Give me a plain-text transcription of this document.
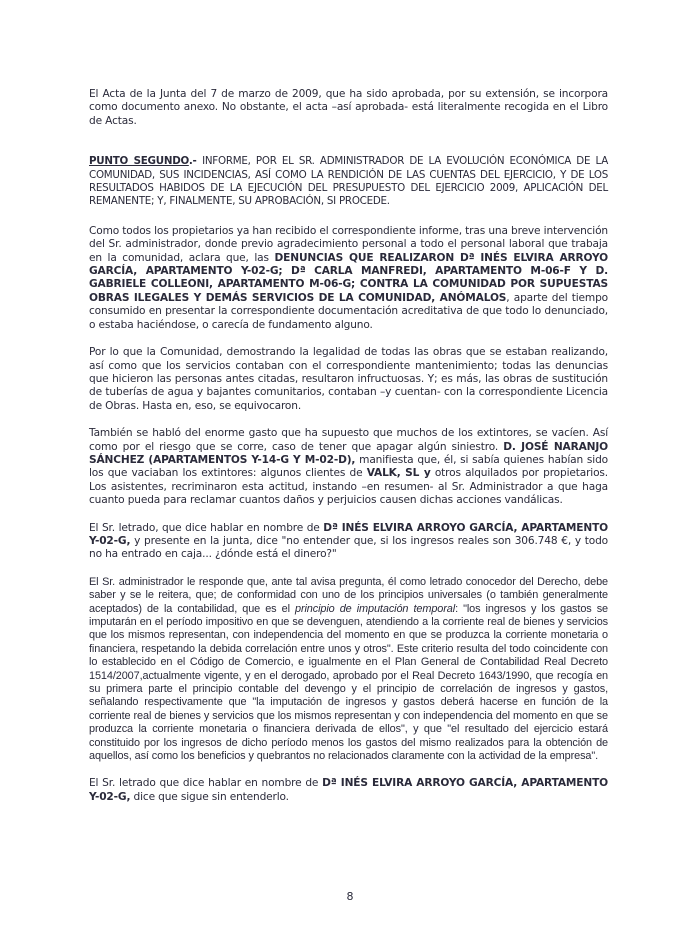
El Acta de la Junta del 7 de marzo de 2009, que ha sido aprobada, por su extensión, se incorpora como documento anexo. No obstante, el acta –así aprobada- está literalmente recogida en el Libro de Actas.

PUNTO SEGUNDO.- INFORME, POR EL SR. ADMINISTRADOR DE LA EVOLUCIÓN ECONÓMICA DE LA COMUNIDAD, SUS INCIDENCIAS, ASÍ COMO LA RENDICIÓN DE LAS CUENTAS DEL EJERCICIO, Y DE LOS RESULTADOS HABIDOS DE LA EJECUCIÓN DEL PRESUPUESTO DEL EJERCICIO 2009, APLICACIÓN DEL REMANENTE; Y, FINALMENTE, SU APROBACIÓN, SI PROCEDE.

Como todos los propietarios ya han recibido el correspondiente informe, tras una breve intervención del Sr. administrador, donde previo agradecimiento personal a todo el personal laboral que trabaja en la comunidad, aclara que, las DENUNCIAS QUE REALIZARON Dª INÉS ELVIRA ARROYO GARCÍA, APARTAMENTO Y-02-G; Dª CARLA MANFREDI, APARTAMENTO M-06-F Y D. GABRIELE COLLEONI, APARTAMENTO M-06-G; CONTRA LA COMUNIDAD POR SUPUESTAS OBRAS ILEGALES Y DEMÁS SERVICIOS DE LA COMUNIDAD, ANÓMALOS, aparte del tiempo consumido en presentar la correspondiente documentación acreditativa de que todo lo denunciado, o estaba haciéndose, o carecía de fundamento alguno.

Por lo que la Comunidad, demostrando la legalidad de todas las obras que se estaban realizando, así como que los servicios contaban con el correspondiente mantenimiento; todas las denuncias que hicieron las personas antes citadas, resultaron infructuosas. Y; es más, las obras de sustitución de tuberías de agua y bajantes comunitarios, contaban –y cuentan- con la correspondiente Licencia de Obras. Hasta en, eso, se equivocaron.

También se habló del enorme gasto que ha supuesto que muchos de los extintores, se vacíen. Así como por el riesgo que se corre, caso de tener que apagar algún siniestro. D. JOSÉ NARANJO SÁNCHEZ (APARTAMENTOS Y-14-G Y M-02-D), manifiesta que, él, si sabía quienes habían sido los que vaciaban los extintores: algunos clientes de VALK, SL y otros alquilados por propietarios. Los asistentes, recriminaron esta actitud, instando –en resumen- al Sr. Administrador a que haga cuanto pueda para reclamar cuantos daños y perjuicios causen dichas acciones vandálicas.

El Sr. letrado, que dice hablar en nombre de Dª INÉS ELVIRA ARROYO GARCÍA, APARTAMENTO Y-02-G, y presente en la junta, dice "no entender que, si los ingresos reales son 306.748 €, y todo no ha entrado en caja... ¿dónde está el dinero?"

El Sr. administrador le responde que, ante tal avisa pregunta, él como letrado conocedor del Derecho, debe saber y se le reitera, que; de conformidad con uno de los principios universales (o también generalmente aceptados) de la contabilidad, que es el principio de imputación temporal: "los ingresos y los gastos se imputarán en el período impositivo en que se devenguen, atendiendo a la corriente real de bienes y servicios que los mismos representan, con independencia del momento en que se produzca la corriente monetaria o financiera, respetando la debida correlación entre unos y otros". Este criterio resulta del todo coincidente con lo establecido en el Código de Comercio, e igualmente en el Plan General de Contabilidad Real Decreto 1514/2007,actualmente vigente, y en el derogado, aprobado por el Real Decreto 1643/1990, que recogía en su primera parte el principio contable del devengo y el principio de correlación de ingresos y gastos, señalando respectivamente que "la imputación de ingresos y gastos deberá hacerse en función de la corriente real de bienes y servicios que los mismos representan y con independencia del momento en que se produzca la corriente monetaria o financiera derivada de ellos", y que "el resultado del ejercicio estará constituido por los ingresos de dicho período menos los gastos del mismo realizados para la obtención de aquellos, así como los beneficios y quebrantos no relacionados claramente con la actividad de la empresa".

El Sr. letrado que dice hablar en nombre de Dª INÉS ELVIRA ARROYO GARCÍA, APARTAMENTO Y-02-G, dice que sigue sin entenderlo.

8
